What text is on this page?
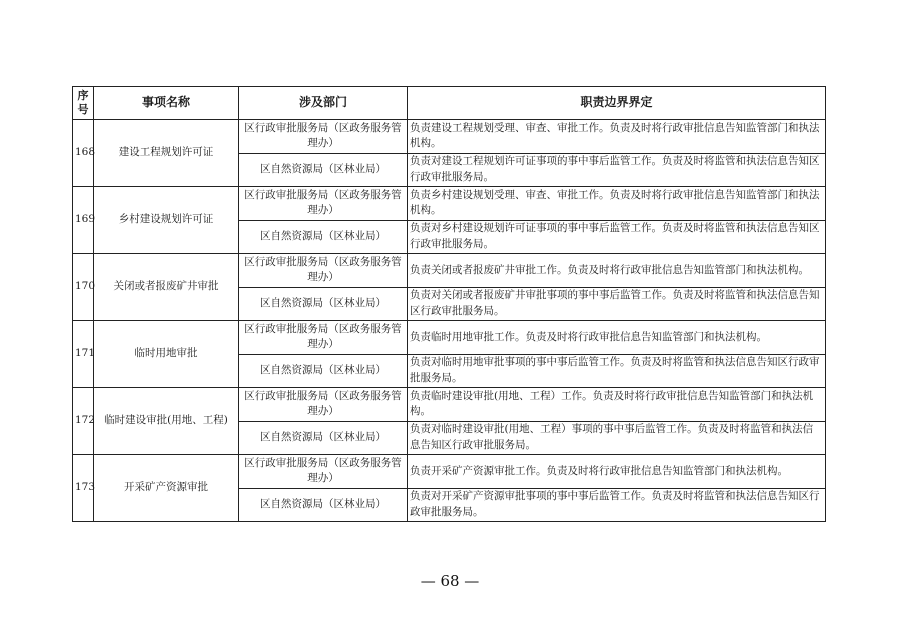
序号	事项名称	涉及部门	职责边界界定
168	建设工程规划许可证	区行政审批服务局（区政务服务管理办）	负责建设工程规划受理、审查、审批工作。负责及时将行政审批信息告知监管部门和执法机构。
		区自然资源局（区林业局）	负责对建设工程规划许可证事项的事中事后监管工作。负责及时将监管和执法信息告知区行政审批服务局。
169	乡村建设规划许可证	区行政审批服务局（区政务服务管理办）	负责乡村建设规划受理、审查、审批工作。负责及时将行政审批信息告知监管部门和执法机构。
		区自然资源局（区林业局）	负责对乡村建设规划许可证事项的事中事后监管工作。负责及时将监管和执法信息告知区行政审批服务局。
170	关闭或者报废矿井审批	区行政审批服务局（区政务服务管理办）	负责关闭或者报废矿井审批工作。负责及时将行政审批信息告知监管部门和执法机构。
		区自然资源局（区林业局）	负责对关闭或者报废矿井审批事项的事中事后监管工作。负责及时将监管和执法信息告知区行政审批服务局。
171	临时用地审批	区行政审批服务局（区政务服务管理办）	负责临时用地审批工作。负责及时将行政审批信息告知监管部门和执法机构。
		区自然资源局（区林业局）	负责对临时用地审批事项的事中事后监管工作。负责及时将监管和执法信息告知区行政审批服务局。
172	临时建设审批(用地、工程)	区行政审批服务局（区政务服务管理办）	负责临时建设审批(用地、工程）工作。负责及时将行政审批信息告知监管部门和执法机构。
		区自然资源局（区林业局）	负责对临时建设审批(用地、工程）事项的事中事后监管工作。负责及时将监管和执法信息告知区行政审批服务局。
173	开采矿产资源审批	区行政审批服务局（区政务服务管理办）	负责开采矿产资源审批工作。负责及时将行政审批信息告知监管部门和执法机构。
		区自然资源局（区林业局）	负责对开采矿产资源审批事项的事中事后监管工作。负责及时将监管和执法信息告知区行政审批服务局。
— 68 —
